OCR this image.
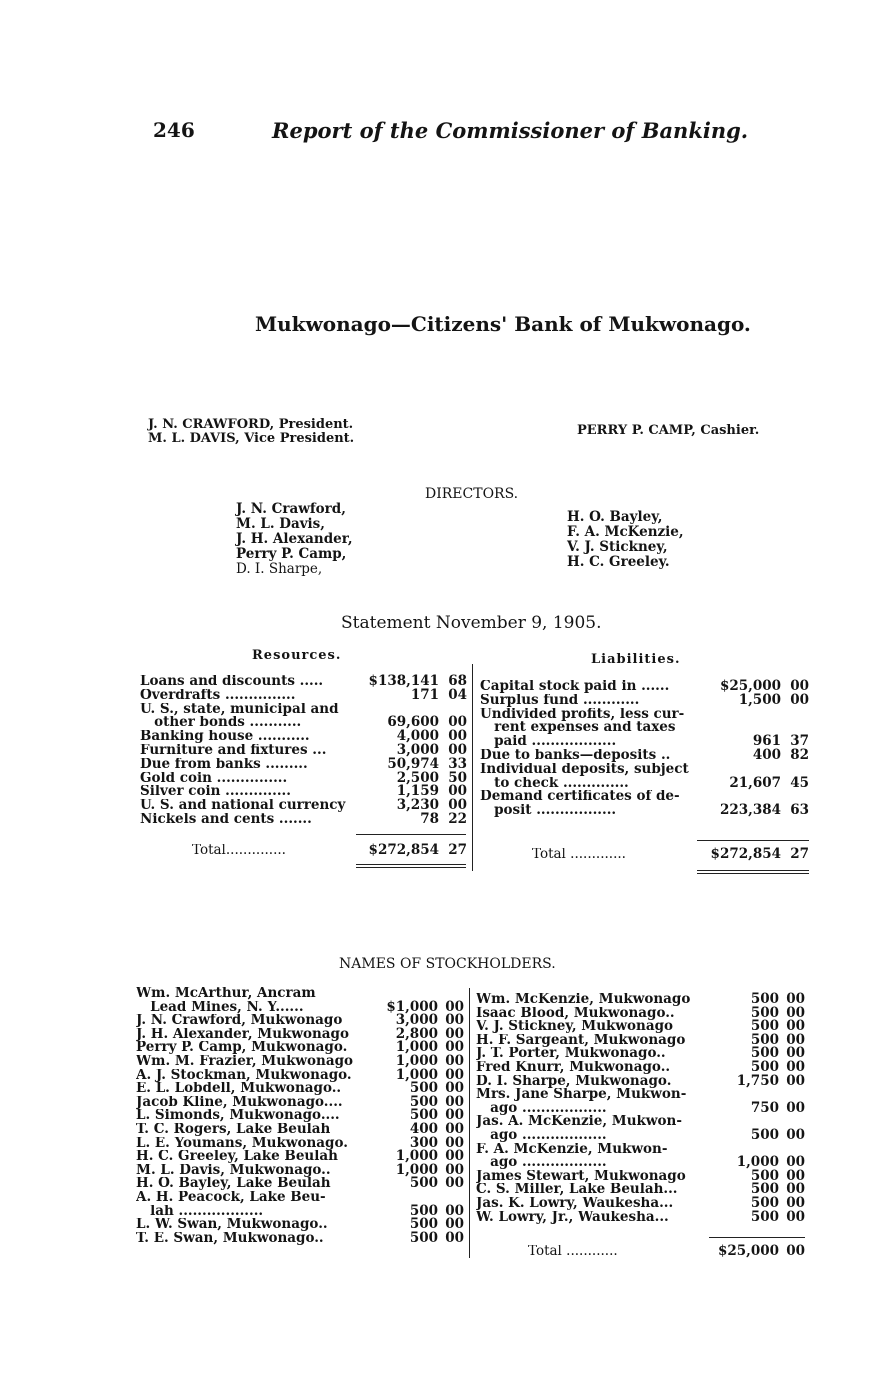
246	Report of the Commissioner of Banking.
Mukwonago—Citizens' Bank of Mukwonago.
J. N. CRAWFORD, President.
M. L. DAVIS, Vice President.
PERRY P. CAMP, Cashier.
DIRECTORS.
J. N. Crawford,
M. L. Davis,
J. H. Alexander,
Perry P. Camp,
D. I. Sharpe,
H. O. Bayley,
F. A. McKenzie,
V. J. Stickney,
H. C. Greeley.
Statement November 9, 1905.
Resources.
Loans and discounts .....	$138,141 68
Overdrafts ...............	171 04
U. S., state, municipal and
other bonds ...........	69,600 00
Banking house ...........	4,000 00
Furniture and fixtures ...	3,000 00
Due from banks .........	50,974 33
Gold coin ...............	2,500 50
Silver coin ..............	1,159 00
U. S. and national currency	3,230 00
Nickels and cents .......	78 22
Total..............	$272,854 27
Liabilities.
Capital stock paid in ......	$25,000 00
Surplus fund ............	1,500 00
Undivided profits, less cur-
rent expenses and taxes
paid ..................	961 37
Due to banks—deposits ..	400 82
Individual deposits, subject
to check ..............	21,607 45
Demand certificates of de-
posit .................	223,384 63
Total .............	$272,854 27
NAMES OF STOCKHOLDERS.
Wm. McArthur, Ancram
Lead Mines, N. Y......	$1,000 00
J. N. Crawford, Mukwonago	3,000 00
J. H. Alexander, Mukwonago	2,800 00
Perry P. Camp, Mukwonago.	1,000 00
Wm. M. Frazier, Mukwonago	1,000 00
A. J. Stockman, Mukwonago.	1,000 00
E. L. Lobdell, Mukwonago..	500 00
Jacob Kline, Mukwonago....	500 00
L. Simonds, Mukwonago....	500 00
T. C. Rogers, Lake Beulah	400 00
L. E. Youmans, Mukwonago.	300 00
H. C. Greeley, Lake Beulah	1,000 00
M. L. Davis, Mukwonago..	1,000 00
H. O. Bayley, Lake Beulah	500 00
A. H. Peacock, Lake Beu-
lah ..................	500 00
L. W. Swan, Mukwonago..	500 00
T. E. Swan, Mukwonago..	500 00
Wm. McKenzie, Mukwonago	500 00
Isaac Blood, Mukwonago..	500 00
V. J. Stickney, Mukwonago	500 00
H. F. Sargeant, Mukwonago	500 00
J. T. Porter, Mukwonago..	500 00
Fred Knurr, Mukwonago..	500 00
D. I. Sharpe, Mukwonago.	1,750 00
Mrs. Jane Sharpe, Mukwon-
ago ..................	750 00
Jas. A. McKenzie, Mukwon-
ago ..................	500 00
F. A. McKenzie, Mukwon-
ago ..................	1,000 00
James Stewart, Mukwonago	500 00
C. S. Miller, Lake Beulah...	500 00
Jas. K. Lowry, Waukesha...	500 00
W. Lowry, Jr., Waukesha...	500 00
Total ............	$25,000 00
